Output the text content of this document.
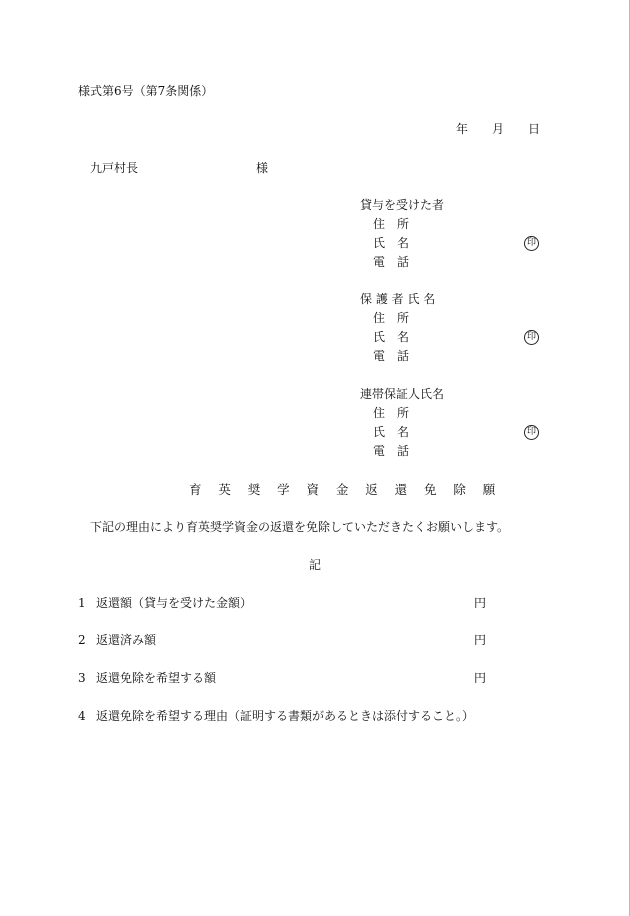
様式第6号（第7条関係）
年 月 日
九戸村長	様
貸与を受けた者
住　所
氏　名	印
電　話
保 護 者 氏 名
住　所
氏　名	印
電　話
連帯保証人氏名
住　所
氏　名	印
電　話
育英奨学資金返還免除願
下記の理由により育英奨学資金の返還を免除していただきたくお願いします。
記
1 返還額（貸与を受けた金額）	円
2 返還済み額	円
3 返還免除を希望する額	円
4 返還免除を希望する理由（証明する書類があるときは添付すること。）
